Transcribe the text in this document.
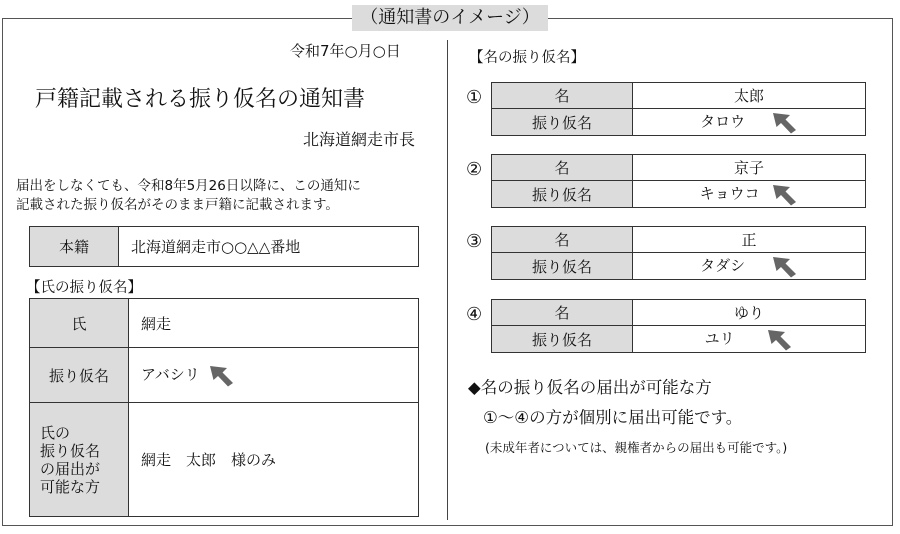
（通知書のイメージ）
令和7年○月○日
戸籍記載される振り仮名の通知書
北海道網走市長
届出をしなくても、令和8年5月26日以降に、この通知に
記載された振り仮名がそのまま戸籍に記載されます。
本籍	北海道網走市○○△△番地
【氏の振り仮名】
氏	網走
振り仮名	アバシリ

氏の
振り仮名
の届出が
可能な方	網走　太郎　様のみ
【名の振り仮名】
①	名	太郎
振り仮名	タロウ
②	名	京子
振り仮名	キョウコ
③	名	正
振り仮名	タダシ
④	名	ゆり
振り仮名	ユリ
◆名の振り仮名の届出が可能な方
①～④の方が個別に届出可能です。
(未成年者については、親権者からの届出も可能です。)
